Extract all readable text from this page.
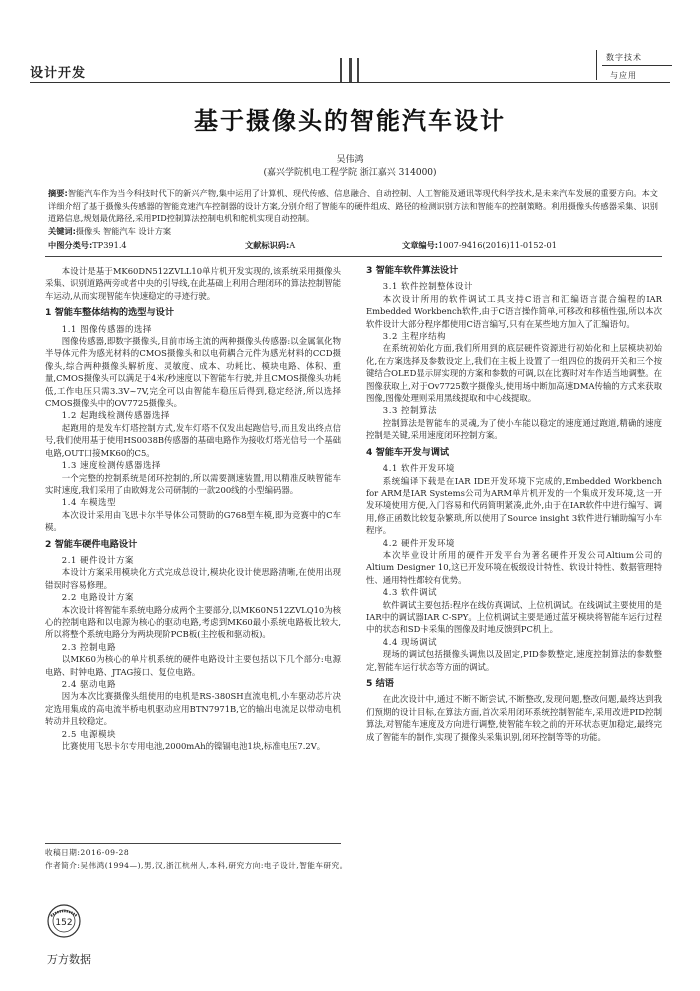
设计开发
数字技术
与应用
基于摄像头的智能汽车设计
吴伟鸿
(嘉兴学院机电工程学院 浙江嘉兴 314000)
摘要:智能汽车作为当今科技时代下的新兴产物,集中运用了计算机、现代传感、信息融合、自动控制、人工智能及通讯等现代科学技术,是未来汽车发展的重要方向。本文详细介绍了基于摄像头传感器的智能竞速汽车控制器的设计方案,分别介绍了智能车的硬件组成、路径的检测识别方法和智能车的控制策略。利用摄像头传感器采集、识别道路信息,规划最优路径,采用PID控制算法控制电机和舵机实现自动控制。
关键词:摄像头 智能汽车 设计方案
中图分类号:TP391.4	文献标识码:A	文章编号:1007-9416(2016)11-0152-01

本设计是基于MK60DN512ZVLL10单片机开发实现的,该系统采用摄像头采集、识别道路两旁或者中央的引导线,在此基础上利用合理闭环的算法控制智能车运动,从而实现智能车快速稳定的寻迹行驶。

1 智能车整体结构的选型与设计
1.1 图像传感器的选择

图像传感器,即数字摄像头,目前市场主流的两种摄像头传感器:以金属氧化物半导体元件为感光材料的CMOS摄像头和以电荷耦合元件为感光材料的CCD摄像头,综合两种摄像头解析度、灵敏度、成本、功耗比、模块电路、体积、重量,CMOS摄像头可以满足于4米/秒速度以下智能车行驶,并且CMOS摄像头功耗低,工作电压只需3.3V~7V,完全可以由智能车稳压后得到,稳定经济,所以选择CMOS摄像头中的OV7725摄像头。

1.2 起跑线检测传感器选择

起跑用的是发车灯塔控制方式,发车灯塔不仅发出起跑信号,而且发出终点信号,我们使用基于使用HS0038B传感器的基础电路作为接收灯塔光信号一个基础电路,OUT口接MK60的C5。

1.3 速度检测传感器选择

一个完整的控制系统是闭环控制的,所以需要测速装置,用以精准反映智能车实时速度,我们采用了由欧姆龙公司研制的一款200线的小型编码器。

1.4 车模选型

本次设计采用由飞思卡尔半导体公司赞助的G768型车模,即为竞赛中的C车模。

2 智能车硬件电路设计
2.1 硬件设计方案

本设计方案采用模块化方式完成总设计,模块化设计使思路清晰,在使用出现错误时容易修理。

2.2 电路设计方案

本次设计将智能车系统电路分成两个主要部分,以MK60N512ZVLQ10为核心的控制电路和以电源为核心的驱动电路,考虑到MK60最小系统电路板比较大,所以将整个系统电路分为两块现阶PCB板(主控板和驱动板)。

2.3 控制电路

以MK60为核心的单片机系统的硬件电路设计主要包括以下几个部分:电源电路、时钟电路、JTAG接口、复位电路。

2.4 驱动电路

因为本次比赛摄像头组使用的电机是RS-380SH直流电机,小车驱动芯片决定选用集成的高电流半桥电机驱动应用BTN7971B,它的输出电流足以带动电机转动并且较稳定。

2.5 电源模块

比赛使用飞思卡尔专用电池,2000mAh的镍镉电池1块,标准电压7.2V。

3 智能车软件算法设计
3.1 软件控制整体设计

本次设计所用的软件调试工具支持C语言和汇编语言混合编程的IAR Embedded Workbench软件,由于C语言操作简单,可移改和移植性强,所以本次软件设计大部分程序都使用C语言编写,只有在某些地方加入了汇编语句。

3.2 主程序结构

在系统初始化方面,我们所用到的底层硬件资源进行初始化和上层模块初始化,在方案选择及参数设定上,我们在主板上设置了一组四位的拨码开关和三个按键结合OLED显示屏实现的方案和参数的可调,以在比赛时对车作适当地调整。在图像获取上,对于Ov7725数字摄像头,使用场中断加高速DMA传输的方式来获取图像,图像处理则采用黑线提取和中心线提取。

3.3 控制算法

控制算法是智能车的灵魂,为了使小车能以稳定的速度通过跑道,精确的速度控制是关键,采用速度闭环控制方案。

4 智能车开发与调试
4.1 软件开发环境

系统编译下载是在IAR IDE开发环境下完成的,Embedded Workbench for ARM是IAR Systems公司为ARM单片机开发的一个集成开发环境,这一开发环境使用方便,入门容易和代码简明紧凑,此外,由于在IAR软件中进行编写、调用,修正函数比较复杂繁琐,所以使用了Source insight 3软件进行辅助编写小车程序。

4.2 硬件开发环境

本次毕业设计所用的硬件开发平台为著名硬件开发公司Altium公司的Altium Designer 10,这已开发环境在板级设计特性、软设计特性、数据管理特性、通用特性都较有优势。

4.3 软件调试

软件调试主要包括:程序在线仿真调试、上位机调试。在线调试主要使用的是IAR中的调试器IAR C-SPY。上位机调试主要是通过蓝牙模块将智能车运行过程中的状态和SD卡采集的图像及时地反馈到PC机上。

4.4 现场调试

现场的调试包括摄像头调焦以及固定,PID参数整定,速度控制算法的参数整定,智能车运行状态等方面的调试。

5 结语

在此次设计中,通过不断不断尝试,不断整改,发现问题,整改问题,最终达到我们预期的设计目标,在算法方面,首次采用闭环系统控制智能车,采用改进PID控制算法,对智能车速度及方向进行调整,使智能车较之前的开环状态更加稳定,最终完成了智能车的制作,实现了摄像头采集识别,闭环控制等等的功能。

收稿日期:2016-09-28
作者简介:吴伟鸿(1994—),男,汉,浙江杭州人,本科,研究方向:电子设计,智能车研究。
152
万方数据
